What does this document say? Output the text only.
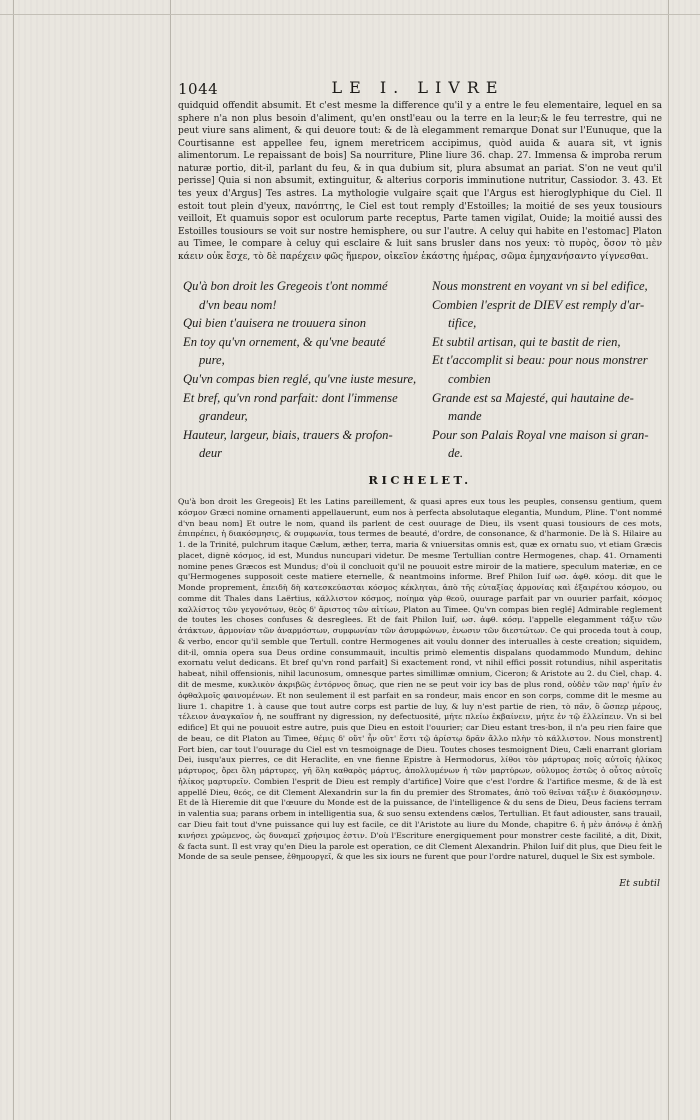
1044	LE I. LIVRE

quidquid offendit absumit. Et c'est mesme la difference qu'il y a entre le feu elementaire, lequel en sa sphere n'a non plus besoin d'aliment, qu'en onstl'eau ou la terre en la leur;& le feu terrestre, qui ne peut viure sans aliment, & qui deuore tout: & de là elegamment remarque Donat sur l'Eunuque, que la Courtisanne est appellee feu, ignem meretricem accipimus, quòd auida & auara sit, vt ignis alimentorum. Le repaissant de bois] Sa nourriture, Pline liure 36. chap. 27. Immensa & improba rerum naturæ portio, dit-il, parlant du feu, & in qua dubium sit, plura absumat an pariat. S'on ne veut qu'il perisse] Quia si non absumit, extinguitur, & alterius corporis imminutione nutritur, Cassiodor. 3. 43. Et tes yeux d'Argus] Tes astres. La mythologie vulgaire sçait que l'Argus est hieroglyphique du Ciel. Il estoit tout plein d'yeux, πανόπτης, le Ciel est tout remply d'Estoilles; la moitié de ses yeux tousiours veilloit, Et quamuis sopor est oculorum parte receptus, Parte tamen vigilat, Ouide; la moitié aussi des Estoilles tousiours se voit sur nostre hemisphere, ou sur l'autre. A celuy qui habite en l'estomac] Platon au Timee, le compare à celuy qui esclaire & luit sans brusler dans nos yeux: τὸ πυρὸς, ὅσον τὸ μὲν κάειν οὐκ ἔσχε, τὸ δὲ παρέχειν φῶς ἥμερον, οἰκεῖον ἑκάστης ἡμέρας, σῶμα ἐμηχανήσαντο γίγνεσθαι.

Qu'à bon droit les Gregeois t'ont nommé

d'vn beau nom!

Qui bien t'auisera ne trouuera sinon

En toy qu'vn ornement, & qu'vne beauté

pure,

Qu'vn compas bien reglé, qu'vne iuste mesure,

Et bref, qu'vn rond parfait: dont l'immense

grandeur,

Hauteur, largeur, biais, trauers & profon-

deur

Nous monstrent en voyant vn si bel edifice,

Combien l'esprit de DIEV est remply d'ar-

tifice,

Et subtil artisan, qui te bastit de rien,

Et t'accomplit si beau: pour nous monstrer

combien

Grande est sa Majesté, qui hautaine de-

mande

Pour son Palais Royal vne maison si gran-

de.

RICHELET.

Qu'à bon droit les Gregeois] Et les Latins pareillement, & quasi apres eux tous les peuples, consensu gentium, quem κόσμον Græci nomine ornamenti appellauerunt, eum nos à perfecta absolutaque elegantia, Mundum, Pline. T'ont nommé d'vn beau nom] Et outre le nom, quand ils parlent de cest ouurage de Dieu, ils vsent quasi tousiours de ces mots, ἐπιπρέπει, ἡ διακόσμησις, & συμφωνία, tous termes de beauté, d'ordre, de consonance, & d'harmonie. De là S. Hilaire au 1. de la Trinité, pulchrum itaque Cælum, æther, terra, maria & vniuersitas omnis est, quæ ex ornatu suo, vt etiam Græcis placet, dignè κόσμος, id est, Mundus nuncupari videtur. De mesme Tertullian contre Hermogenes, chap. 41. Ornamenti nomine penes Græcos est Mundus; d'où il concluoit qu'il ne pouuoit estre miroir de la matiere, speculum materiæ, en ce qu'Hermogenes supposoit ceste matiere eternelle, & neantmoins informe. Bref Philon Iuif ωσ. ἀφθ. κόσμ. dit que le Monde proprement, ἐπειδὴ δὴ κατεσκεύασται κόσμος κέκληται, ἀπὸ τῆς εὐταξίας ἀρμονίας καὶ ἐξαιρέτου κόσμου, ou comme dit Thales dans Laërtius, κάλλιστον κόσμος, ποίημα γὰρ θεοῦ, ouurage parfait par vn ouurier parfait, κόσμος καλλίστος τῶν γεγονότων, θεὸς δ' ἄριστος τῶν αἰτίων, Platon au Timee. Qu'vn compas bien reglé] Admirable reglement de toutes les choses confuses & desreglees. Et de fait Philon Iuif, ωσ. ἀφθ. κόσμ. l'appelle elegamment τάξιν τῶν ἀτάκτων, ἁρμονίαν τῶν ἀναρμόστων, συμφωνίαν τῶν ἀσυμφώνων, ἑνωσιν τῶν διεστώτων. Ce qui proceda tout à coup, & verbo, encor qu'il semble que Tertull. contre Hermogenes ait voulu donner des interualles à ceste creation; siquidem, dit-il, omnia opera sua Deus ordine consummauit, incultis primò elementis dispalans quodammodo Mundum, dehinc exornatu velut dedicans. Et bref qu'vn rond parfait] Si exactement rond, vt nihil effici possit rotundius, nihil asperitatis habeat, nihil offensionis, nihil lacunosum, omnesque partes simillimæ omnium, Ciceron; & Aristote au 2. du Ciel, chap. 4. dit de mesme, κυκλικὸν ἀκριβῶς ἐντόρνος ὅπως, que rien ne se peut voir icy bas de plus rond, οὐδὲν τῶν παρ' ἡμῖν ἐν ὀφθαλμοῖς φαινομένων. Et non seulement il est parfait en sa rondeur, mais encor en son corps, comme dit le mesme au liure 1. chapitre 1. à cause que tout autre corps est partie de luy, & luy n'est partie de rien, τὸ πᾶν, ὃ ὥσπερ μέρους, τέλειον ἀναγκαῖον ἡ, ne souffrant ny digression, ny defectuosité, μήτε πλείω ἐκβαίνειν, μήτε ἐν τῷ ἐλλείπειν. Vn si bel edifice] Et qui ne pouuoit estre autre, puis que Dieu en estoit l'ouurier; car Dieu estant tres-bon, il n'a peu rien faire que de beau, ce dit Platon au Timee, θέμις δ' οὔτ' ἦν οὔτ' ἔστι τῷ ἀρίστῳ δρᾶν ἄλλο πλὴν τὸ κάλλιστον. Nous monstrent] Fort bien, car tout l'ouurage du Ciel est vn tesmoignage de Dieu. Toutes choses tesmoignent Dieu, Cæli enarrant gloriam Dei, iusqu'aux pierres, ce dit Heraclite, en vne fienne Epistre à Hermodorus, λίθοι τὸν μάρτυρας ποῖς αὐτοῖς ἡλίκος μάρτυρος, ὄρει ὅλη μάρτυρες, γῆ ὅλη καθαρὸς μάρτυς, ἀπολλυμένων ἡ τῶν μαρτύρων, οὐλυμος ἑστῶς ὁ οὖτος αὐτοῖς ἡλίκος μαρτυρεῖν. Combien l'esprit de Dieu est remply d'artifice] Voire que c'est l'ordre & l'artifice mesme, & de là est appellé Dieu, θεός, ce dit Clement Alexandrin sur la fin du premier des Stromates, ἀπὸ τοῦ θεῖναι τάξιν ἐ διακόσμησιν. Et de là Hieremie dit que l'œuure du Monde est de la puissance, de l'intelligence & du sens de Dieu, Deus faciens terram in valentia sua; parans orbem in intelligentia sua, & suo sensu extendens cælos, Tertullian. Et faut adiouster, sans trauail, car Dieu fait tout d'vne puissance qui luy est facile, ce dit l'Aristote au liure du Monde, chapitre 6. ἡ μὲν ἀπόνῳ ἐ ἁπλῇ κινήσει χρώμενος, ὡς δυναμεῖ χρήσιμος ἐστιν. D'où l'Escriture energiquement pour monstrer ceste facilité, a dit, Dixit, & facta sunt. Il est vray qu'en Dieu la parole est operation, ce dit Clement Alexandrin. Philon Iuif dit plus, que Dieu feit le Monde de sa seule pensee, ἐθημουργεῖ, & que les six iours ne furent que pour l'ordre naturel, duquel le Six est symbole.

Et subtil
